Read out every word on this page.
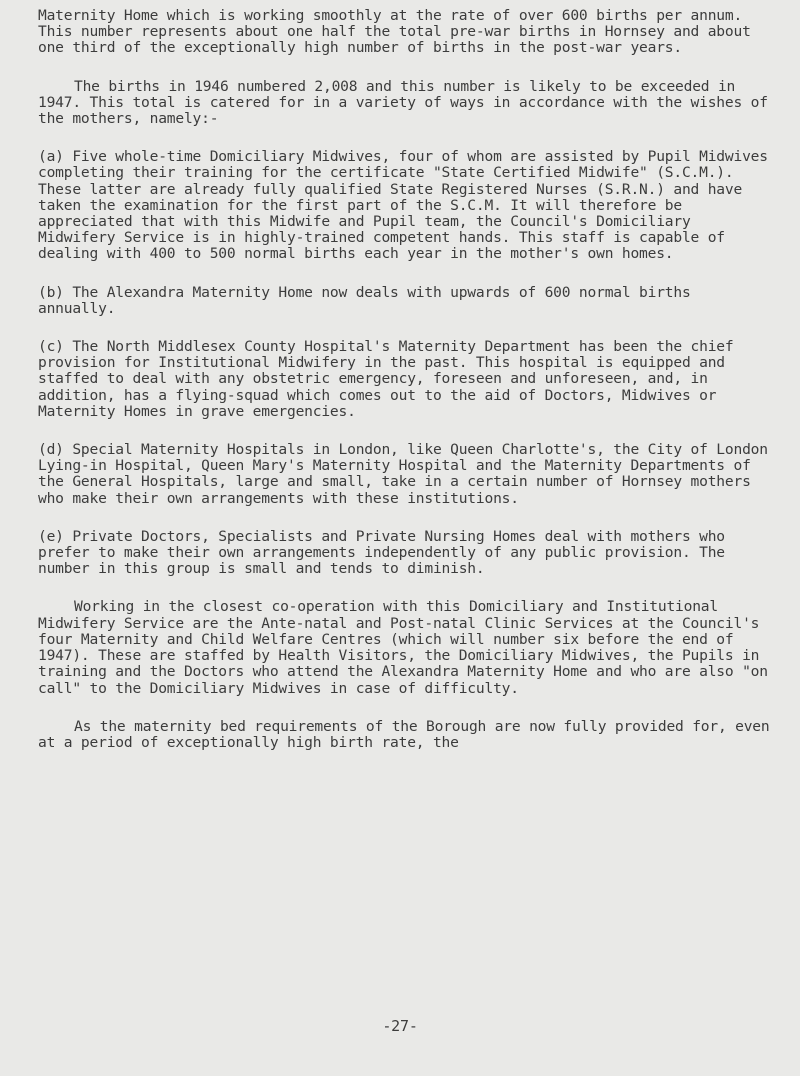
Maternity Home which is working smoothly at the rate of over 600 births per annum. This number represents about one half the total pre-war births in Hornsey and about one third of the exceptionally high number of births in the post-war years.

The births in 1946 numbered 2,008 and this number is likely to be exceeded in 1947. This total is catered for in a variety of ways in accordance with the wishes of the mothers, namely:-

(a) Five whole-time Domiciliary Midwives, four of whom are assisted by Pupil Midwives completing their training for the certificate "State Certified Midwife" (S.C.M.). These latter are already fully qualified State Registered Nurses (S.R.N.) and have taken the examination for the first part of the S.C.M. It will therefore be appreciated that with this Midwife and Pupil team, the Council's Domiciliary Midwifery Service is in highly-trained competent hands. This staff is capable of dealing with 400 to 500 normal births each year in the mother's own homes.

(b) The Alexandra Maternity Home now deals with upwards of 600 normal births annually.

(c) The North Middlesex County Hospital's Maternity Department has been the chief provision for Institutional Midwifery in the past. This hospital is equipped and staffed to deal with any obstetric emergency, foreseen and unforeseen, and, in addition, has a flying-squad which comes out to the aid of Doctors, Midwives or Maternity Homes in grave emergencies.

(d) Special Maternity Hospitals in London, like Queen Charlotte's, the City of London Lying-in Hospital, Queen Mary's Maternity Hospital and the Maternity Departments of the General Hospitals, large and small, take in a certain number of Hornsey mothers who make their own arrangements with these institutions.

(e) Private Doctors, Specialists and Private Nursing Homes deal with mothers who prefer to make their own arrangements independently of any public provision. The number in this group is small and tends to diminish.

Working in the closest co-operation with this Domiciliary and Institutional Midwifery Service are the Ante-natal and Post-natal Clinic Services at the Council's four Maternity and Child Welfare Centres (which will number six before the end of 1947). These are staffed by Health Visitors, the Domiciliary Midwives, the Pupils in training and the Doctors who attend the Alexandra Maternity Home and who are also "on call" to the Domiciliary Midwives in case of difficulty.

As the maternity bed requirements of the Borough are now fully provided for, even at a period of exceptionally high birth rate, the

-27-
